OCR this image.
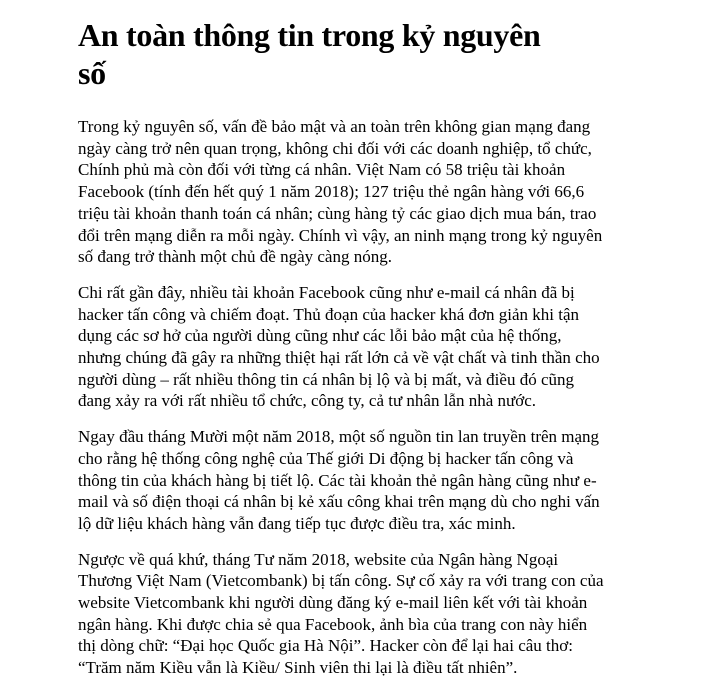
An toàn thông tin trong kỷ nguyên
số
Trong kỷ nguyên số, vấn đề bảo mật và an toàn trên không gian mạng đang
ngày càng trở nên quan trọng, không chi đối với các doanh nghiệp, tổ chức,
Chính phủ mà còn đối với từng cá nhân. Việt Nam có 58 triệu tài khoản
Facebook (tính đến hết quý 1 năm 2018); 127 triệu thẻ ngân hàng với 66,6
triệu tài khoản thanh toán cá nhân; cùng hàng tỷ các giao dịch mua bán, trao
đổi trên mạng diễn ra mỗi ngày. Chính vì vậy, an ninh mạng trong kỷ nguyên
số đang trở thành một chủ đề ngày càng nóng.
Chi rất gần đây, nhiều tài khoản Facebook cũng như e-mail cá nhân đã bị
hacker tấn công và chiếm đoạt. Thủ đoạn của hacker khá đơn giản khi tận
dụng các sơ hở của người dùng cũng như các lỗi bảo mật của hệ thống,
nhưng chúng đã gây ra những thiệt hại rất lớn cả về vật chất và tinh thần cho
người dùng – rất nhiều thông tin cá nhân bị lộ và bị mất, và điều đó cũng
đang xảy ra với rất nhiều tổ chức, công ty, cả tư nhân lẫn nhà nước.
Ngay đầu tháng Mười một năm 2018, một số nguồn tin lan truyền trên mạng
cho rằng hệ thống công nghệ của Thế giới Di động bị hacker tấn công và
thông tin của khách hàng bị tiết lộ. Các tài khoản thẻ ngân hàng cũng như e-
mail và số điện thoại cá nhân bị kẻ xấu công khai trên mạng dù cho nghi vấn
lộ dữ liệu khách hàng vẫn đang tiếp tục được điều tra, xác minh.
Ngược về quá khứ, tháng Tư năm 2018, website của Ngân hàng Ngoại
Thương Việt Nam (Vietcombank) bị tấn công. Sự cố xảy ra với trang con của
website Vietcombank khi người dùng đăng ký e-mail liên kết với tài khoản
ngân hàng. Khi được chia sẻ qua Facebook, ảnh bìa của trang con này hiển
thị dòng chữ: “Đại học Quốc gia Hà Nội”. Hacker còn để lại hai câu thơ:
“Trăm năm Kiều vẫn là Kiều/ Sinh viên thi lại là điều tất nhiên”.
